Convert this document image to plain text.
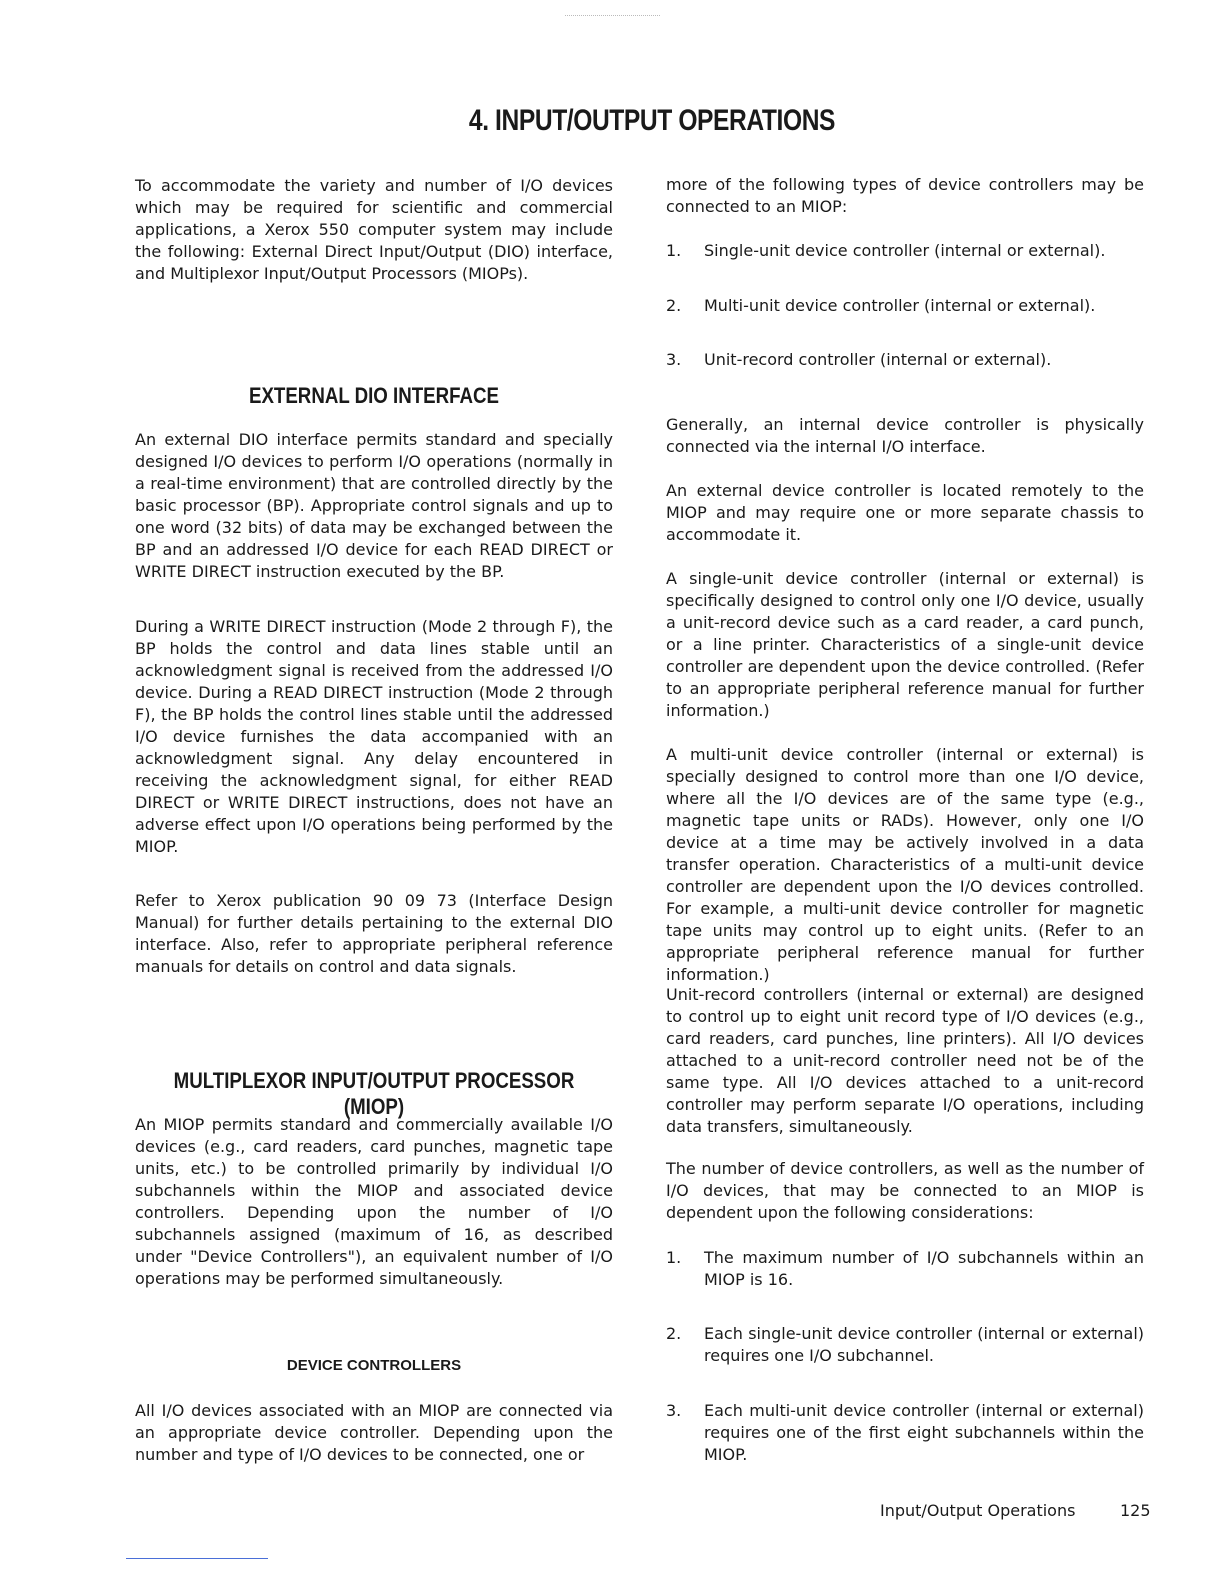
4. INPUT/OUTPUT OPERATIONS

To accommodate the variety and number of I/O devices which may be required for scientific and commercial applications, a Xerox 550 computer system may include the following: External Direct Input/Output (DIO) interface, and Multiplexor Input/Output Processors (MIOPs).

EXTERNAL DIO INTERFACE

An external DIO interface permits standard and specially designed I/O devices to perform I/O operations (normally in a real-time environment) that are controlled directly by the basic processor (BP). Appropriate control signals and up to one word (32 bits) of data may be exchanged between the BP and an addressed I/O device for each READ DIRECT or WRITE DIRECT instruction executed by the BP.

During a WRITE DIRECT instruction (Mode 2 through F), the BP holds the control and data lines stable until an acknowledgment signal is received from the addressed I/O device. During a READ DIRECT instruction (Mode 2 through F), the BP holds the control lines stable until the addressed I/O device furnishes the data accompanied with an acknowledgment signal. Any delay encountered in receiving the acknowledgment signal, for either READ DIRECT or WRITE DIRECT instructions, does not have an adverse effect upon I/O operations being performed by the MIOP.

Refer to Xerox publication 90 09 73 (Interface Design Manual) for further details pertaining to the external DIO interface. Also, refer to appropriate peripheral reference manuals for details on control and data signals.

MULTIPLEXOR INPUT/OUTPUT PROCESSOR (MIOP)

An MIOP permits standard and commercially available I/O devices (e.g., card readers, card punches, magnetic tape units, etc.) to be controlled primarily by individual I/O subchannels within the MIOP and associated device controllers. Depending upon the number of I/O subchannels assigned (maximum of 16, as described under "Device Controllers"), an equivalent number of I/O operations may be performed simultaneously.

DEVICE CONTROLLERS

All I/O devices associated with an MIOP are connected via an appropriate device controller. Depending upon the number and type of I/O devices to be connected, one or

more of the following types of device controllers may be connected to an MIOP:

1. Single-unit device controller (internal or external).
2. Multi-unit device controller (internal or external).
3. Unit-record controller (internal or external).

Generally, an internal device controller is physically connected via the internal I/O interface.

An external device controller is located remotely to the MIOP and may require one or more separate chassis to accommodate it.

A single-unit device controller (internal or external) is specifically designed to control only one I/O device, usually a unit-record device such as a card reader, a card punch, or a line printer. Characteristics of a single-unit device controller are dependent upon the device controlled. (Refer to an appropriate peripheral reference manual for further information.)

A multi-unit device controller (internal or external) is specially designed to control more than one I/O device, where all the I/O devices are of the same type (e.g., magnetic tape units or RADs). However, only one I/O device at a time may be actively involved in a data transfer operation. Characteristics of a multi-unit device controller are dependent upon the I/O devices controlled. For example, a multi-unit device controller for magnetic tape units may control up to eight units. (Refer to an appropriate peripheral reference manual for further information.)

Unit-record controllers (internal or external) are designed to control up to eight unit record type of I/O devices (e.g., card readers, card punches, line printers). All I/O devices attached to a unit-record controller need not be of the same type. All I/O devices attached to a unit-record controller may perform separate I/O operations, including data transfers, simultaneously.

The number of device controllers, as well as the number of I/O devices, that may be connected to an MIOP is dependent upon the following considerations:

1. The maximum number of I/O subchannels within an MIOP is 16.
2. Each single-unit device controller (internal or external) requires one I/O subchannel.
3. Each multi-unit device controller (internal or external) requires one of the first eight subchannels within the MIOP.
Input/Output Operations	125
